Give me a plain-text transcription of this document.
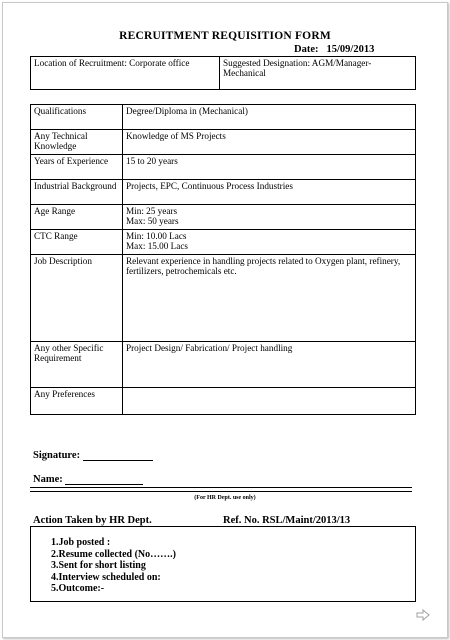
RECRUITMENT REQUISITION FORM
Date: 15/09/2013
Location of Recruitment: Corporate office	Suggested Designation: AGM/Manager-Mechanical
Qualifications	Degree/Diploma in (Mechanical)
Any Technical Knowledge	Knowledge of MS Projects
Years of Experience	15 to 20 years
Industrial Background	Projects, EPC, Continuous Process Industries
Age Range	Min: 25 years
Max: 50 years

CTC Range	Min: 10.00 Lacs
Max: 15.00 Lacs

Job Description	Relevant experience in handling projects related to Oxygen plant, refinery, fertilizers, petrochemicals etc.
Any other Specific Requirement	Project Design/ Fabrication/ Project handling
Any Preferences	
Signature:
Name:
(For HR Dept. use only)
Action Taken by HR Dept.	Ref. No. RSL/Maint/2013/13
1.Job posted :
2.Resume collected (No…….)
3.Sent for short listing
4.Interview scheduled on:
5.Outcome:-
